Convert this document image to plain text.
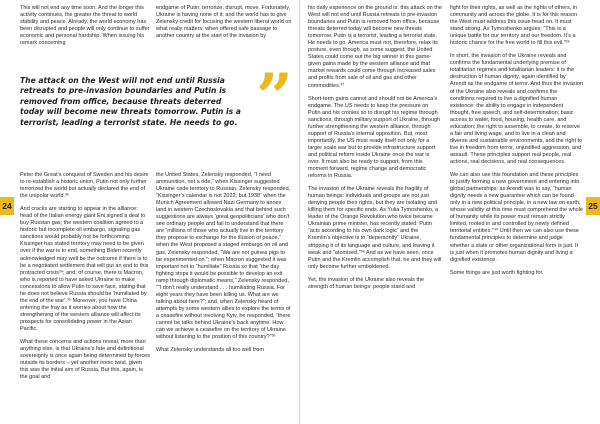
This will not end any time soon. And the longer this activity continues, the greater the threat to world stability and peace. Already, the world economy has been disrupted and people will only continue to suffer economic and personal hardship. When issuing his remark concerning

endgame of Putin: terrorize, disrupt, move. Fortunately, Ukraine is having none of it; and the world has to give Zelensky credit for focusing the western liberal world on what really matters: when offered safe passage to another country at the start of the invasion by

The attack on the West will not end until Russia retreats to pre-invasion boundaries and Putin is removed from office, because threats deterred today will become new threats tomorrow. Putin is a terrorist, leading a terrorist state. He needs to go. ”

Peter the Great’s conquest of Sweden and his desire to re-establish a historic union, Putin not only further terrorized the world but actually declared the end of the unipolar world.³³

And cracks are starting to appear in the alliance: head of the Italian energy giant Eni signed a deal to buy Russian gas; the western coalition agreed to a historic but incomplete oil embargo, signaling gas sanctions would probably not be forthcoming; Kissinger has stated territory may need to be given over if the war is to end, something Biden recently acknowledged may well be the outcome if there is to be a negotiated settlement that will put an end to this protracted crisis³⁴; and, of course, there is Macron, who is reported to have asked Ukraine to make concessions to allow Putin to save face, stating that he does not believe Russia should be ‘humiliated by the end of the war’.³⁵ Moreover, you have China entering the fray as it worries about how the strengthening of the western alliance will affect its prospects for consolidating power in the Asian Pacific.

What these concerns and actions reveal, more than anything else, is that Ukraine’s fate and definitional sovereignty is once again being determined by forces outside its borders – yet another ironic twist, given this was the initial aim of Russia. But this, again, is the goal and

the United States, Zelensky responded, “I need ammunition, not a ride,” when Kissinger suggested Ukraine cede territory to Russian, Zelensky responded, “Kissinger’s calendar is not 2022, but 1938” when the Munich Agreement allowed Nazi Germany to annex land in western Czechoslovakia and that behind such suggestions are always ‘great geopoliticians’ who don’t see ordinary people and fail to understand that there are “millions of those who actually live in the territory they propose to exchange for the illusion of peace.” when the West proposed a staged embargo on oil and gas, Zelensky responded, “We are not guinea pigs to be experimented on.”; when Macron suggested it was important not to “humiliate” Russia so that “the day fighting stops it would be possible to develop an exit ramp through diplomatic means,” Zelensky responded, ““I don’t really understand . . . humiliating Russia. For eight years they have been killing us. What are we talking about here?”; and, when Zelensky heard of attempts by some western allies to explore the terms of a ceasefire without involving Kyiv, he responded, “there cannot be talks behind Ukraine’s back anytime. How can we achieve a ceasefire on the territory of Ukraine without listening to the position of this country?”³⁶

What Zelensky understands all too well from

his daily experience on the ground is: this attack on the West will not end until Russia retreats to pre-invasion boundaries and Putin is removed from office, because threats deterred today will become new threats tomorrow. Putin is a terrorist, leading a terrorist state. He needs to go. America must not, therefore, relax its posture, even though, as some suggest, the United States could come out the big winner in this game-given gains made by the western alliance and that market rewards could come through increased sales and profits from sale of oil and gas and other commodities.³⁷

Short-term gains cannot and should not be America’s endgame. The US needs to keep the pressure on Putin and his cronies so to disrupt his regime through sanctions, through military support of Ukraine, through further strengthening the western alliance, through support of Russia’s internal opposition. But, most importantly, the US must ready itself not only for a larger scale war but to provide infrastructure support and political reform inside Ukraine once the war is over. It must also be ready to support, from this moment forward, regime change and democratic reforms in Russia.

The invasion of the Ukraine reveals the fragility of human beings: individuals and groups are not just denying people their rights, but they are isolating and killing them for specific ends. As Yulia Tymoshenko, a leader of the Orange Revolution who twice became Ukrainian prime minister, has recently stated: Putin “acts according to his own dark logic” and the Kremlin’s objective is to “depersonify” Ukraine, stripping it of its language and culture, and leaving it weak and “atomised.”³⁸ And as we have seen, once Putin and the Kremlin accomplish that, he and they will only become further emboldened.

Yet, the invasion of the Ukraine also reveals the strength of human beings: people stand and

fight for their rights, as well as the rights of others, in community and across the globe. It is for this reason the West must address this issue head on. It must stand strong. As Tymoshenko argues: “This is a unique battle for our territory and our freedom. It’s a historic chance for the free world to fill this evil.”³⁹

In short, the invasion of the Ukraine reveals and confirms the fundamental underlying premise of totalitarian regimes and totalitarian leaders: it is the destruction of human dignity, again identified by Arendt as the endgame of terror. And thus the invasion of the Ukraine also reveals and confirms the conditions required to live a dignified human existence: the ability to engage in independent thought, free speech, and self-determination; basic access to water, food, housing, health care, and education; the right to assemble, to create, to reserve a fair and living wage, and to live in a clean and diverse and sustainable environments, and the right to live in freedom from terror, unjustified aggression, and assault. These principles support real people, real actions, real decisions, and real consequences.

We can also use this foundation and these principles to justify forming a new government and entering into global partnerships: as Arendt was to say, “human dignity needs a new guarantee which can be found only in a new political principle, in a new law on earth, whose validity at this time must comprehend the whole of humanity while its power must remain strictly limited, rooted in and controlled by newly defined territorial entities.”⁴⁰ Until then we can also use these fundamental principles to determine and judge whether a state or other organizational form is just. It is just when it promotes human dignity and living a dignified existence.

Some things are just worth fighting for.

24	25
